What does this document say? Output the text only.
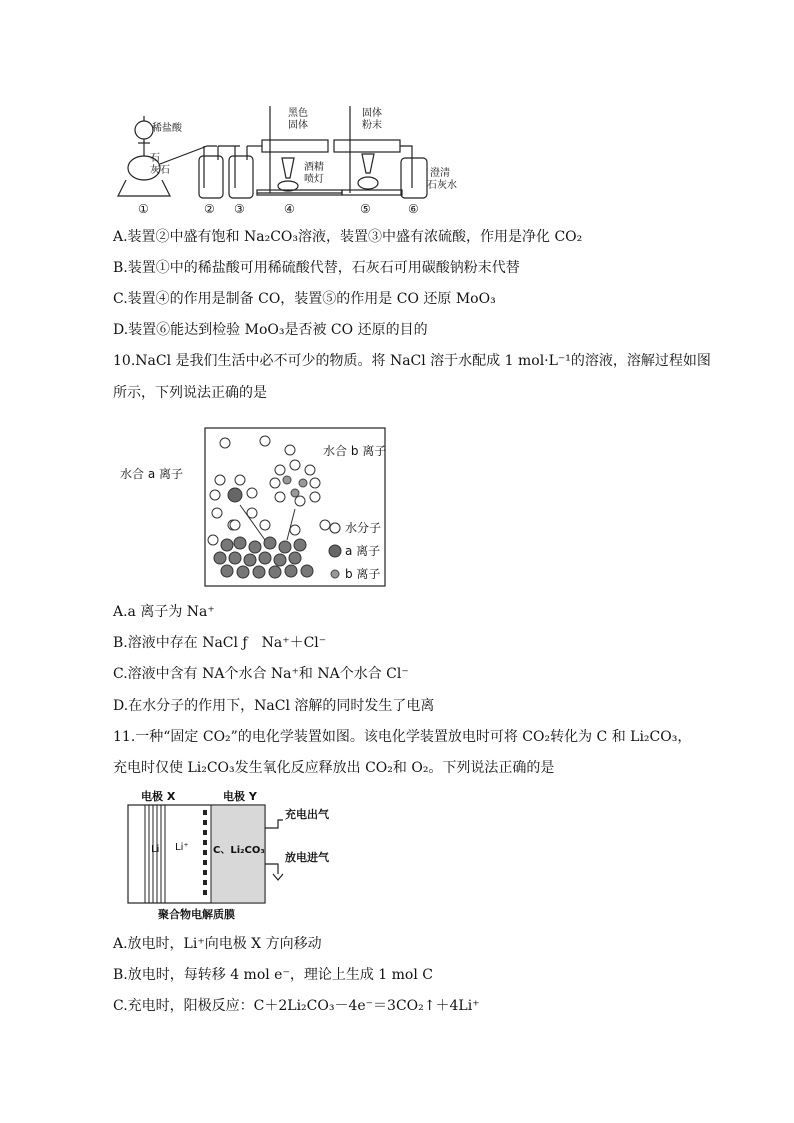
稀盐酸
石
灰石
黑色
固体
固体
粉末
酒精
喷灯
澄清
石灰水
①	② ③	④	⑤	⑥
A.装置②中盛有饱和 Na₂CO₃溶液，装置③中盛有浓硫酸，作用是净化 CO₂
B.装置①中的稀盐酸可用稀硫酸代替，石灰石可用碳酸钠粉末代替
C.装置④的作用是制备 CO，装置⑤的作用是 CO 还原 MoO₃
D.装置⑥能达到检验 MoO₃是否被 CO 还原的目的
10.NaCl 是我们生活中必不可少的物质。将 NaCl 溶于水配成 1 mol·L⁻¹的溶液，溶解过程如图
所示，下列说法正确的是
水合 a 离子
水合 b 离子
水分子
a 离子
b 离子
A.a 离子为 Na⁺
B.溶液中存在 NaCl ƒ　Na⁺＋Cl⁻
C.溶液中含有 NA个水合 Na⁺和 NA个水合 Cl⁻
D.在水分子的作用下，NaCl 溶解的同时发生了电离
11.一种“固定 CO₂”的电化学装置如图。该电化学装置放电时可将 CO₂转化为 C 和 Li₂CO₃，
充电时仅使 Li₂CO₃发生氧化反应释放出 CO₂和 O₂。下列说法正确的是
电极 X	电极 Y
Li Li⁺ C、Li₂CO₃
充电出气
放电进气
聚合物电解质膜
A.放电时，Li⁺向电极 X 方向移动
B.放电时，每转移 4 mol e⁻，理论上生成 1 mol C
C.充电时，阳极反应：C＋2Li₂CO₃－4e⁻＝3CO₂↑＋4Li⁺
